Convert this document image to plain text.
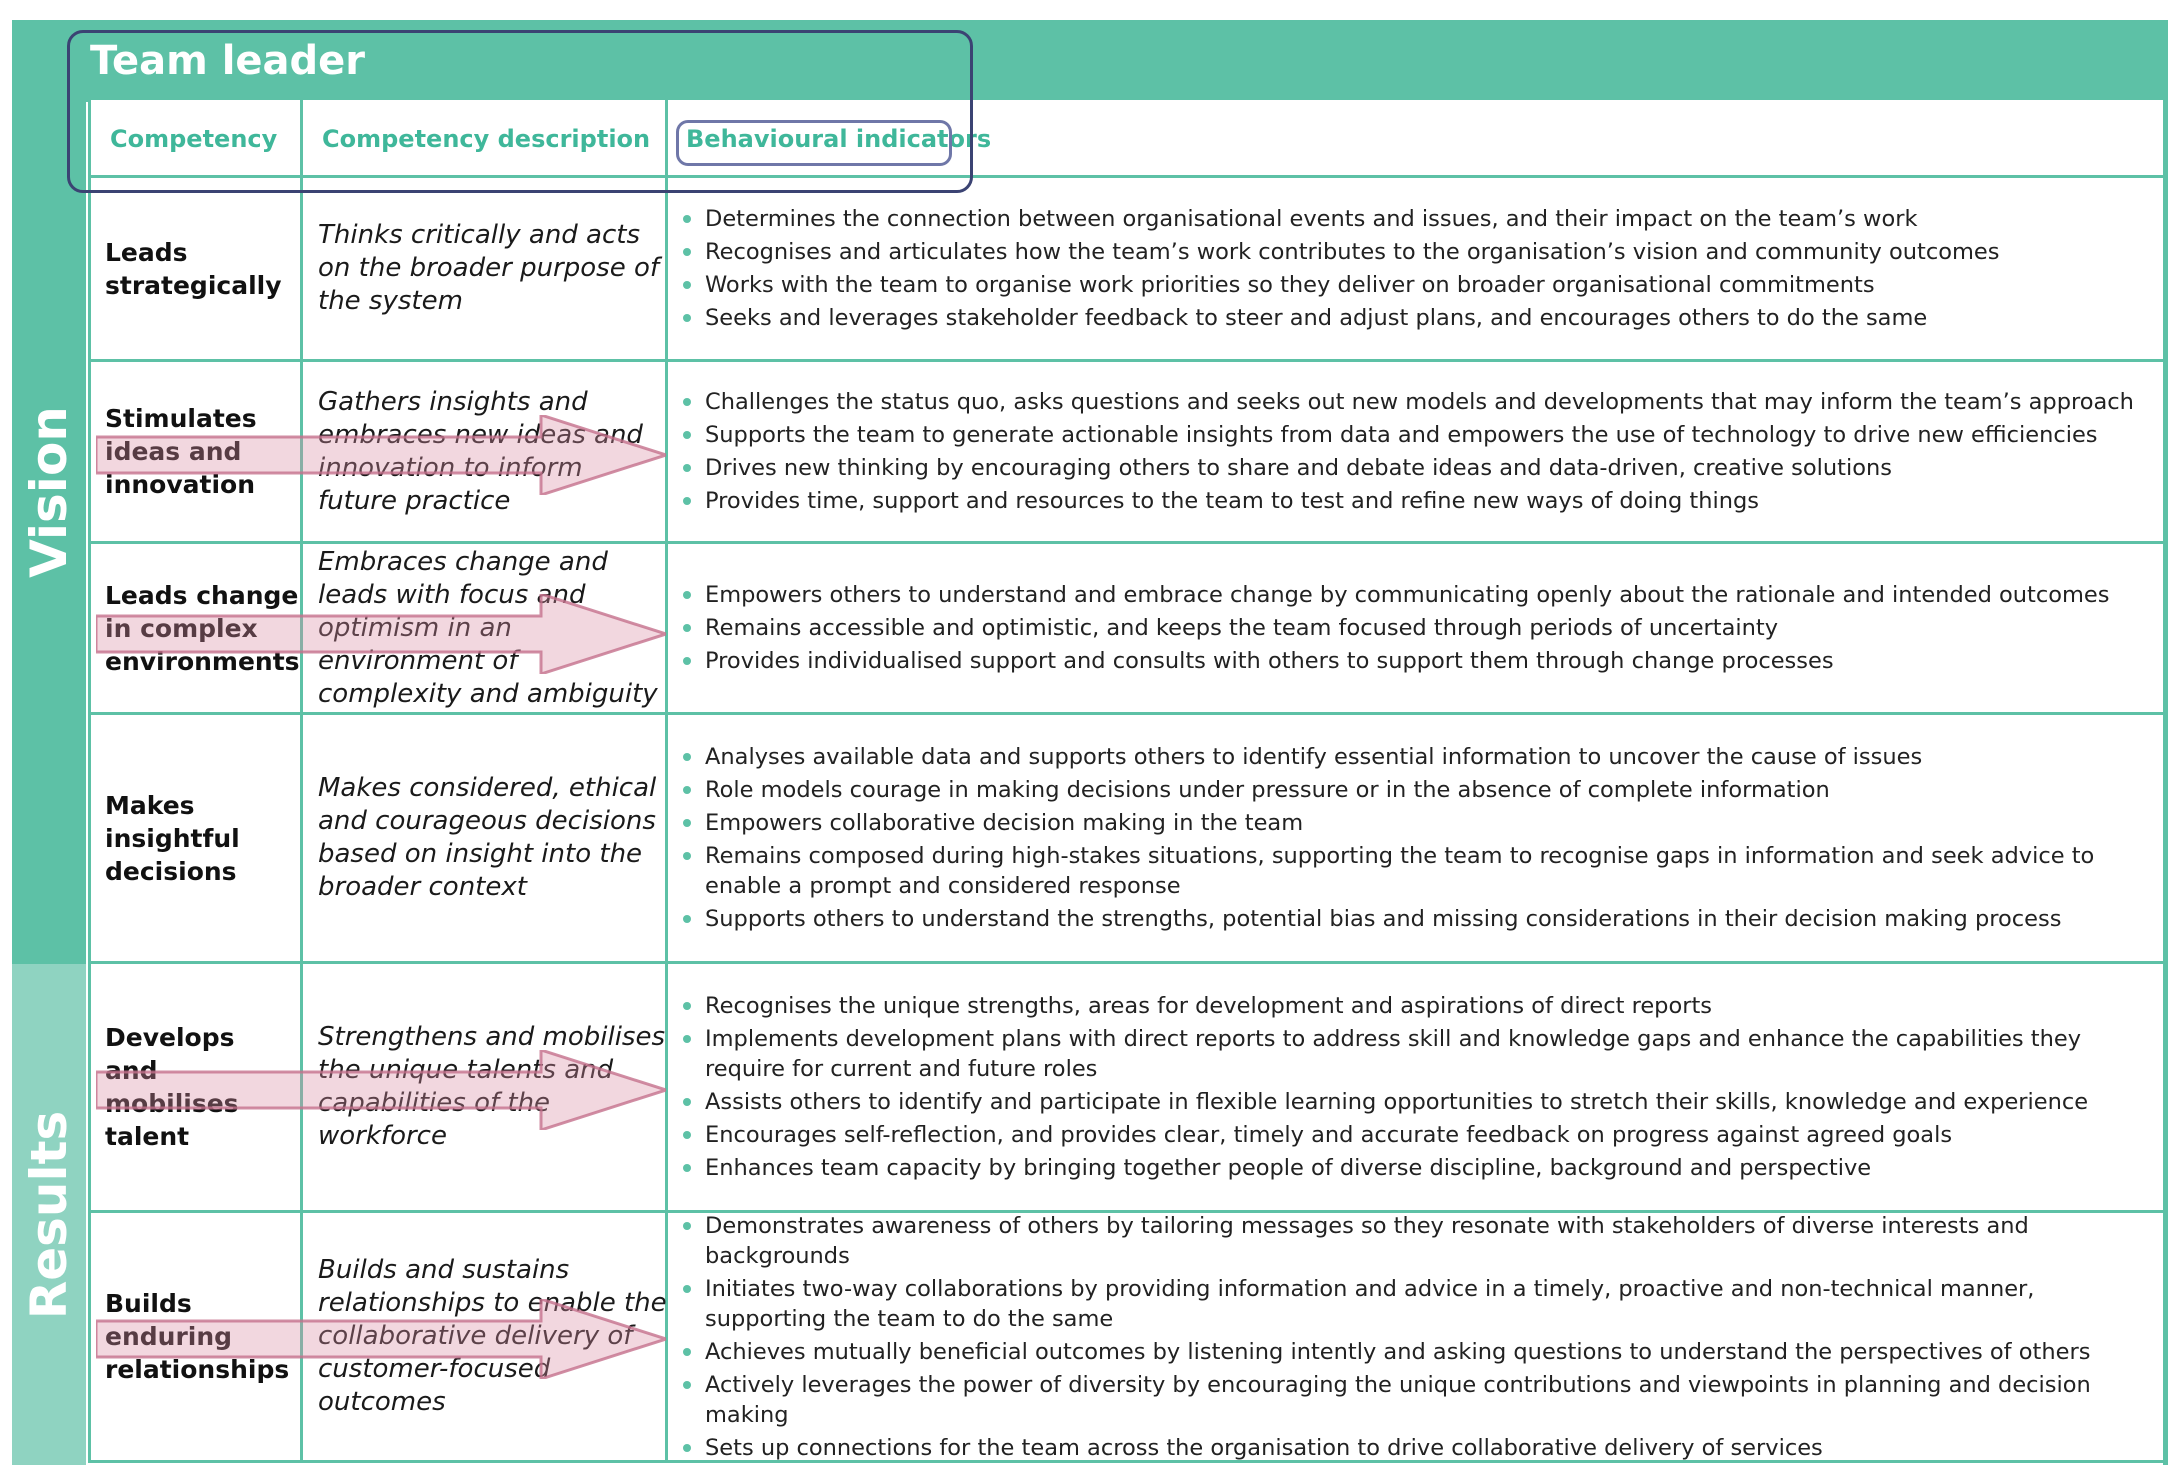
Vision
Results
Team leader
Competency	Competency description	Behavioural indicators
Leads strategically
Thinks critically and acts on the broader purpose of the system
Determines the connection between organisational events and issues, and their impact on the team’s work
Recognises and articulates how the team’s work contributes to the organisation’s vision and community outcomes
Works with the team to organise work priorities so they deliver on broader organisational commitments
Seeks and leverages stakeholder feedback to steer and adjust plans, and encourages others to do the same
Stimulates ideas and innovation
Gathers insights and embraces new ideas and innovation to inform future practice
Challenges the status quo, asks questions and seeks out new models and developments that may inform the team’s approach
Supports the team to generate actionable insights from data and empowers the use of technology to drive new efficiencies
Drives new thinking by encouraging others to share and debate ideas and data-driven, creative solutions
Provides time, support and resources to the team to test and refine new ways of doing things
Leads change in complex environments
Embraces change and leads with focus and optimism in an environment of complexity and ambiguity
Empowers others to understand and embrace change by communicating openly about the rationale and intended outcomes
Remains accessible and optimistic, and keeps the team focused through periods of uncertainty
Provides individualised support and consults with others to support them through change processes
Makes insightful decisions
Makes considered, ethical and courageous decisions based on insight into the broader context
Analyses available data and supports others to identify essential information to uncover the cause of issues
Role models courage in making decisions under pressure or in the absence of complete information
Empowers collaborative decision making in the team
Remains composed during high-stakes situations, supporting the team to recognise gaps in information and seek advice to enable a prompt and considered response
Supports others to understand the strengths, potential bias and missing considerations in their decision making process
Develops and mobilises talent
Strengthens and mobilises the unique talents and capabilities of the workforce
Recognises the unique strengths, areas for development and aspirations of direct reports
Implements development plans with direct reports to address skill and knowledge gaps and enhance the capabilities they require for current and future roles
Assists others to identify and participate in flexible learning opportunities to stretch their skills, knowledge and experience
Encourages self-reflection, and provides clear, timely and accurate feedback on progress against agreed goals
Enhances team capacity by bringing together people of diverse discipline, background and perspective
Builds enduring relationships
Builds and sustains relationships to enable the collaborative delivery of customer-focused outcomes
Demonstrates awareness of others by tailoring messages so they resonate with stakeholders of diverse interests and backgrounds
Initiates two-way collaborations by providing information and advice in a timely, proactive and non-technical manner, supporting the team to do the same
Achieves mutually beneficial outcomes by listening intently and asking questions to understand the perspectives of others
Actively leverages the power of diversity by encouraging the unique contributions and viewpoints in planning and decision making
Sets up connections for the team across the organisation to drive collaborative delivery of services
